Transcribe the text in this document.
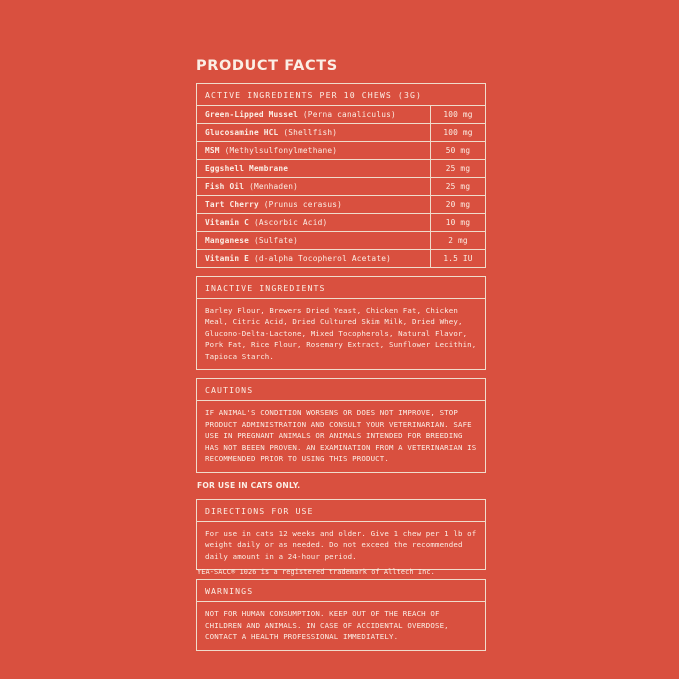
PRODUCT FACTS
ACTIVE INGREDIENTS PER 10 CHEWS (3G)
Green-Lipped Mussel (Perna canaliculus)	100 mg
Glucosamine HCL (Shellfish)	100 mg
MSM (Methylsulfonylmethane)	50 mg
Eggshell Membrane	25 mg
Fish Oil (Menhaden)	25 mg
Tart Cherry (Prunus cerasus)	20 mg
Vitamin C (Ascorbic Acid)	10 mg
Manganese (Sulfate)	2 mg
Vitamin E (d-alpha Tocopherol Acetate)	1.5 IU
INACTIVE INGREDIENTS
Barley Flour, Brewers Dried Yeast, Chicken Fat, Chicken Meal, Citric Acid, Dried Cultured Skim Milk, Dried Whey, Glucono-Delta-Lactone, Mixed Tocopherols, Natural Flavor, Pork Fat, Rice Flour, Rosemary Extract, Sunflower Lecithin, Tapioca Starch.
CAUTIONS
IF ANIMAL'S CONDITION WORSENS OR DOES NOT IMPROVE, STOP PRODUCT ADMINISTRATION AND CONSULT YOUR VETERINARIAN. SAFE USE IN PREGNANT ANIMALS OR ANIMALS INTENDED FOR BREEDING HAS NOT BEEEN PROVEN. AN EXAMINATION FROM A VETERINARIAN IS RECOMMENDED PRIOR TO USING THIS PRODUCT.
FOR USE IN CATS ONLY.
DIRECTIONS FOR USE
For use in cats 12 weeks and older. Give 1 chew per 1 lb of weight daily or as needed. Do not exceed the recommended daily amount in a 24-hour period.
YEA-SACC® 1026 is a registered trademark of Alltech Inc.
WARNINGS
NOT FOR HUMAN CONSUMPTION. KEEP OUT OF THE REACH OF CHILDREN AND ANIMALS. IN CASE OF ACCIDENTAL OVERDOSE, CONTACT A HEALTH PROFESSIONAL IMMEDIATELY.
